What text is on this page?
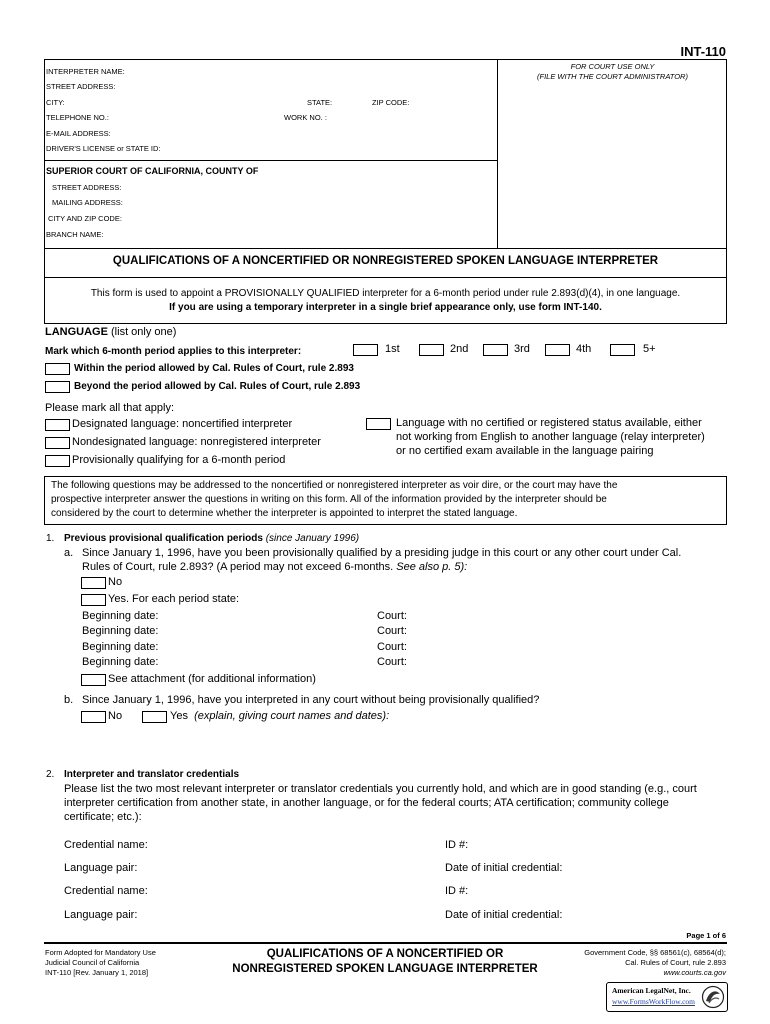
INT-110
FOR COURT USE ONLY
(FILE WITH THE COURT ADMINISTRATOR)
INTERPRETER NAME:
STREET ADDRESS:
CITY:	STATE:	ZIP CODE:
TELEPHONE NO.:	WORK NO. :
E-MAIL ADDRESS:
DRIVER'S LICENSE or STATE ID:
SUPERIOR COURT OF CALIFORNIA, COUNTY OF
STREET ADDRESS:
MAILING ADDRESS:
CITY AND ZIP CODE:
BRANCH NAME:
QUALIFICATIONS OF A NONCERTIFIED OR NONREGISTERED SPOKEN LANGUAGE INTERPRETER
This form is used to appoint a PROVISIONALLY QUALIFIED interpreter for a 6-month period under rule 2.893(d)(4), in one language.
If you are using a temporary interpreter in a single brief appearance only, use form INT-140.
LANGUAGE (list only one)
Mark which 6-month period applies to this interpreter:	1st	2nd	3rd	4th	5+
Within the period allowed by Cal. Rules of Court, rule 2.893
Beyond the period allowed by Cal. Rules of Court, rule 2.893
Please mark all that apply:
Designated language: noncertified interpreter
Nondesignated language: nonregistered interpreter
Provisionally qualifying for a 6-month period
Language with no certified or registered status available, either
not working from English to another language (relay interpreter)
or no certified exam available in the language pairing
The following questions may be addressed to the noncertified or nonregistered interpreter as voir dire, or the court may have the
prospective interpreter answer the questions in writing on this form. All of the information provided by the interpreter should be
considered by the court to determine whether the interpreter is appointed to interpret the stated language.
1. Previous provisional qualification periods (since January 1996)
a. Since January 1, 1996, have you been provisionally qualified by a presiding judge in this court or any other court under Cal.
Rules of Court, rule 2.893? (A period may not exceed 6-months. See also p. 5):
No
Yes. For each period state:
Beginning date:	Court:
Beginning date:	Court:
Beginning date:	Court:
Beginning date:	Court:
See attachment (for additional information)
b. Since January 1, 1996, have you interpreted in any court without being provisionally qualified?
No	Yes (explain, giving court names and dates):
2. Interpreter and translator credentials
Please list the two most relevant interpreter or translator credentials you currently hold, and which are in good standing (e.g., court
interpreter certification from another state, in another language, or for the federal courts; ATA certification; community college
certificate; etc.):
Credential name:	ID #:
Language pair:	Date of initial credential:
Credential name:	ID #:
Language pair:	Date of initial credential:
Page 1 of 6
Form Adopted for Mandatory Use
Judicial Council of California
INT-110 [Rev. January 1, 2018]
QUALIFICATIONS OF A NONCERTIFIED OR
NONREGISTERED SPOKEN LANGUAGE INTERPRETER
Government Code, §§ 68561(c), 68564(d);
Cal. Rules of Court, rule 2.893
www.courts.ca.gov
American LegalNet, Inc.
www.FormsWorkFlow.com
